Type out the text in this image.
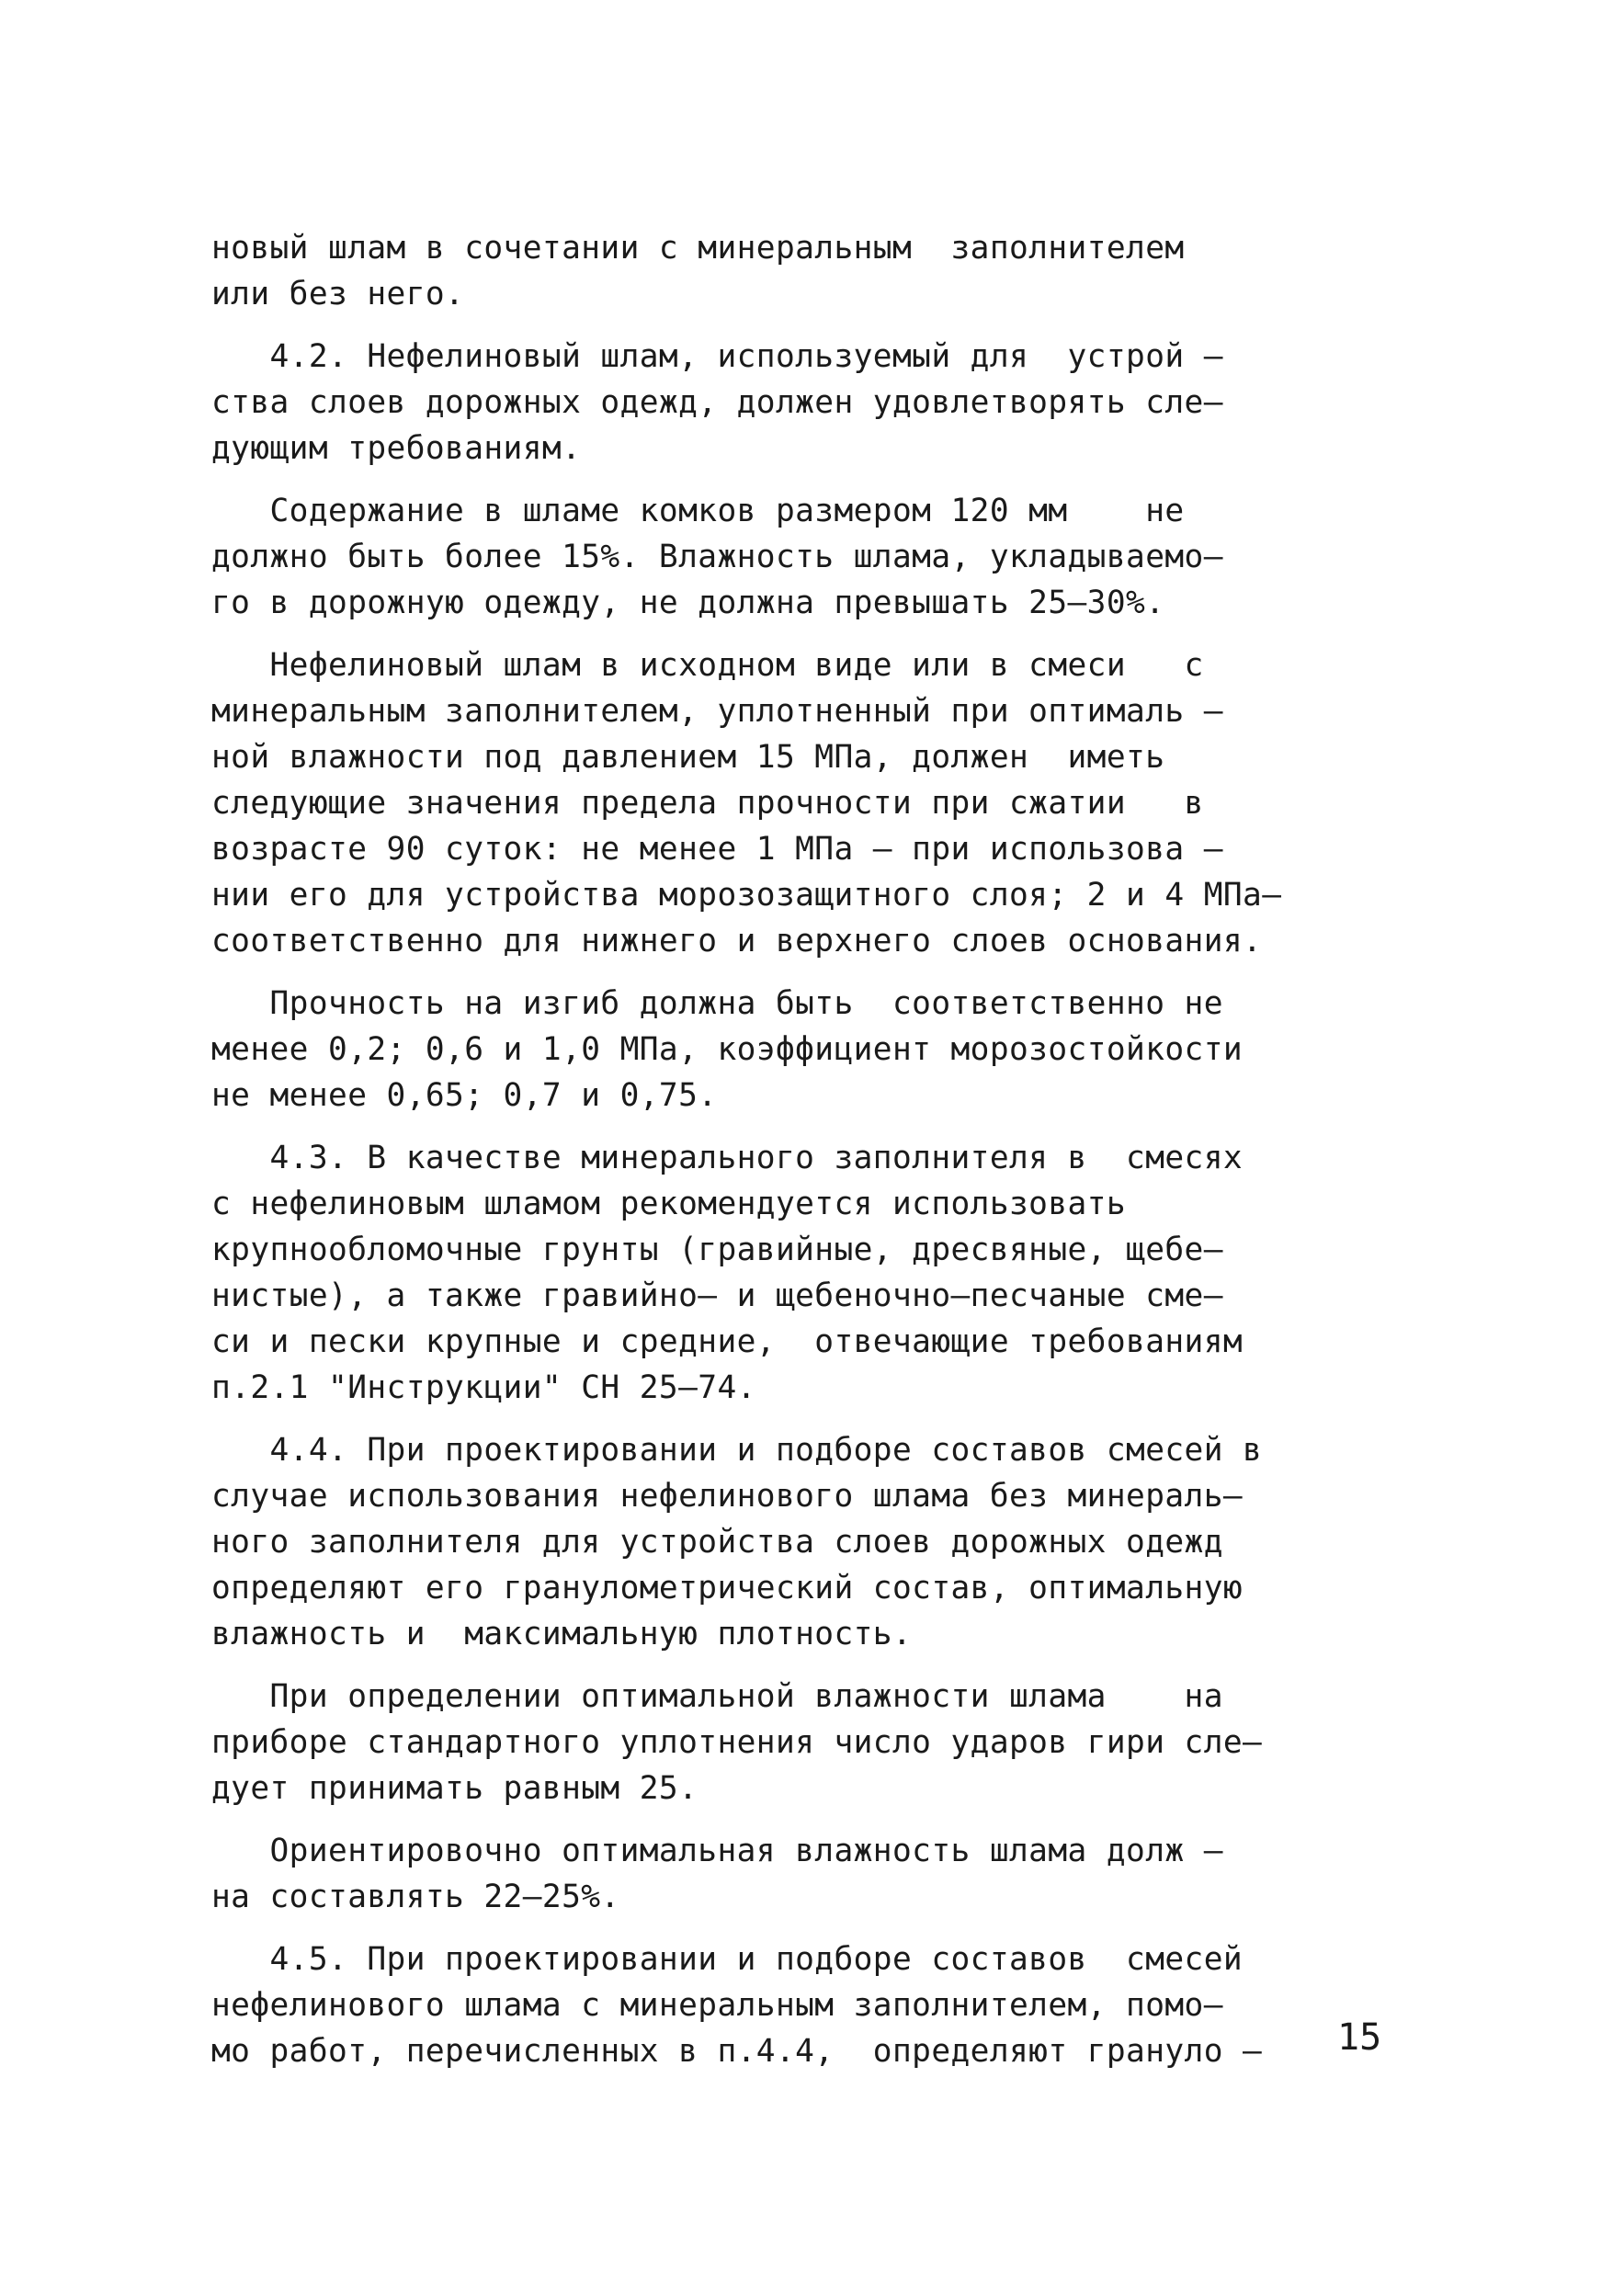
новый шлам в сочетании с минеральным  заполнителем
или без него.
4.2. Нефелиновый шлам, используемый для  устрой –
ства слоев дорожных одежд, должен удовлетворять сле–
дующим требованиям.
Содержание в шламе комков размером 120 мм    не
должно быть более 15%. Влажность шлама, укладываемо–
го в дорожную одежду, не должна превышать 25–30%.
Нефелиновый шлам в исходном виде или в смеси   с
минеральным заполнителем, уплотненный при оптималь –
ной влажности под давлением 15 МПа, должен  иметь
следующие значения предела прочности при сжатии   в
возрасте 90 суток: не менее 1 МПа – при использова –
нии его для устройства морозозащитного слоя; 2 и 4 МПа–
соответственно для нижнего и верхнего слоев основания.
Прочность на изгиб должна быть  соответственно не
менее 0,2; 0,6 и 1,0 МПа, коэффициент морозостойкости
не менее 0,65; 0,7 и 0,75.
4.3. В качестве минерального заполнителя в  смесях
с нефелиновым шламом рекомендуется использовать
крупнообломочные грунты (гравийные, дресвяные, щебе–
нистые), а также гравийно– и щебеночно–песчаные сме–
си и пески крупные и средние,  отвечающие требованиям
п.2.1 "Инструкции" СН 25–74.
4.4. При проектировании и подборе составов смесей в
случае использования нефелинового шлама без минераль–
ного заполнителя для устройства слоев дорожных одежд
определяют его гранулометрический состав, оптимальную
влажность и  максимальную плотность.
При определении оптимальной влажности шлама    на
приборе стандартного уплотнения число ударов гири сле–
дует принимать равным 25.
Ориентировочно оптимальная влажность шлама долж –
на составлять 22–25%.
4.5. При проектировании и подборе составов  смесей
нефелинового шлама с минеральным заполнителем, помо–
мо работ, перечисленных в п.4.4,  определяют грануло –	15
